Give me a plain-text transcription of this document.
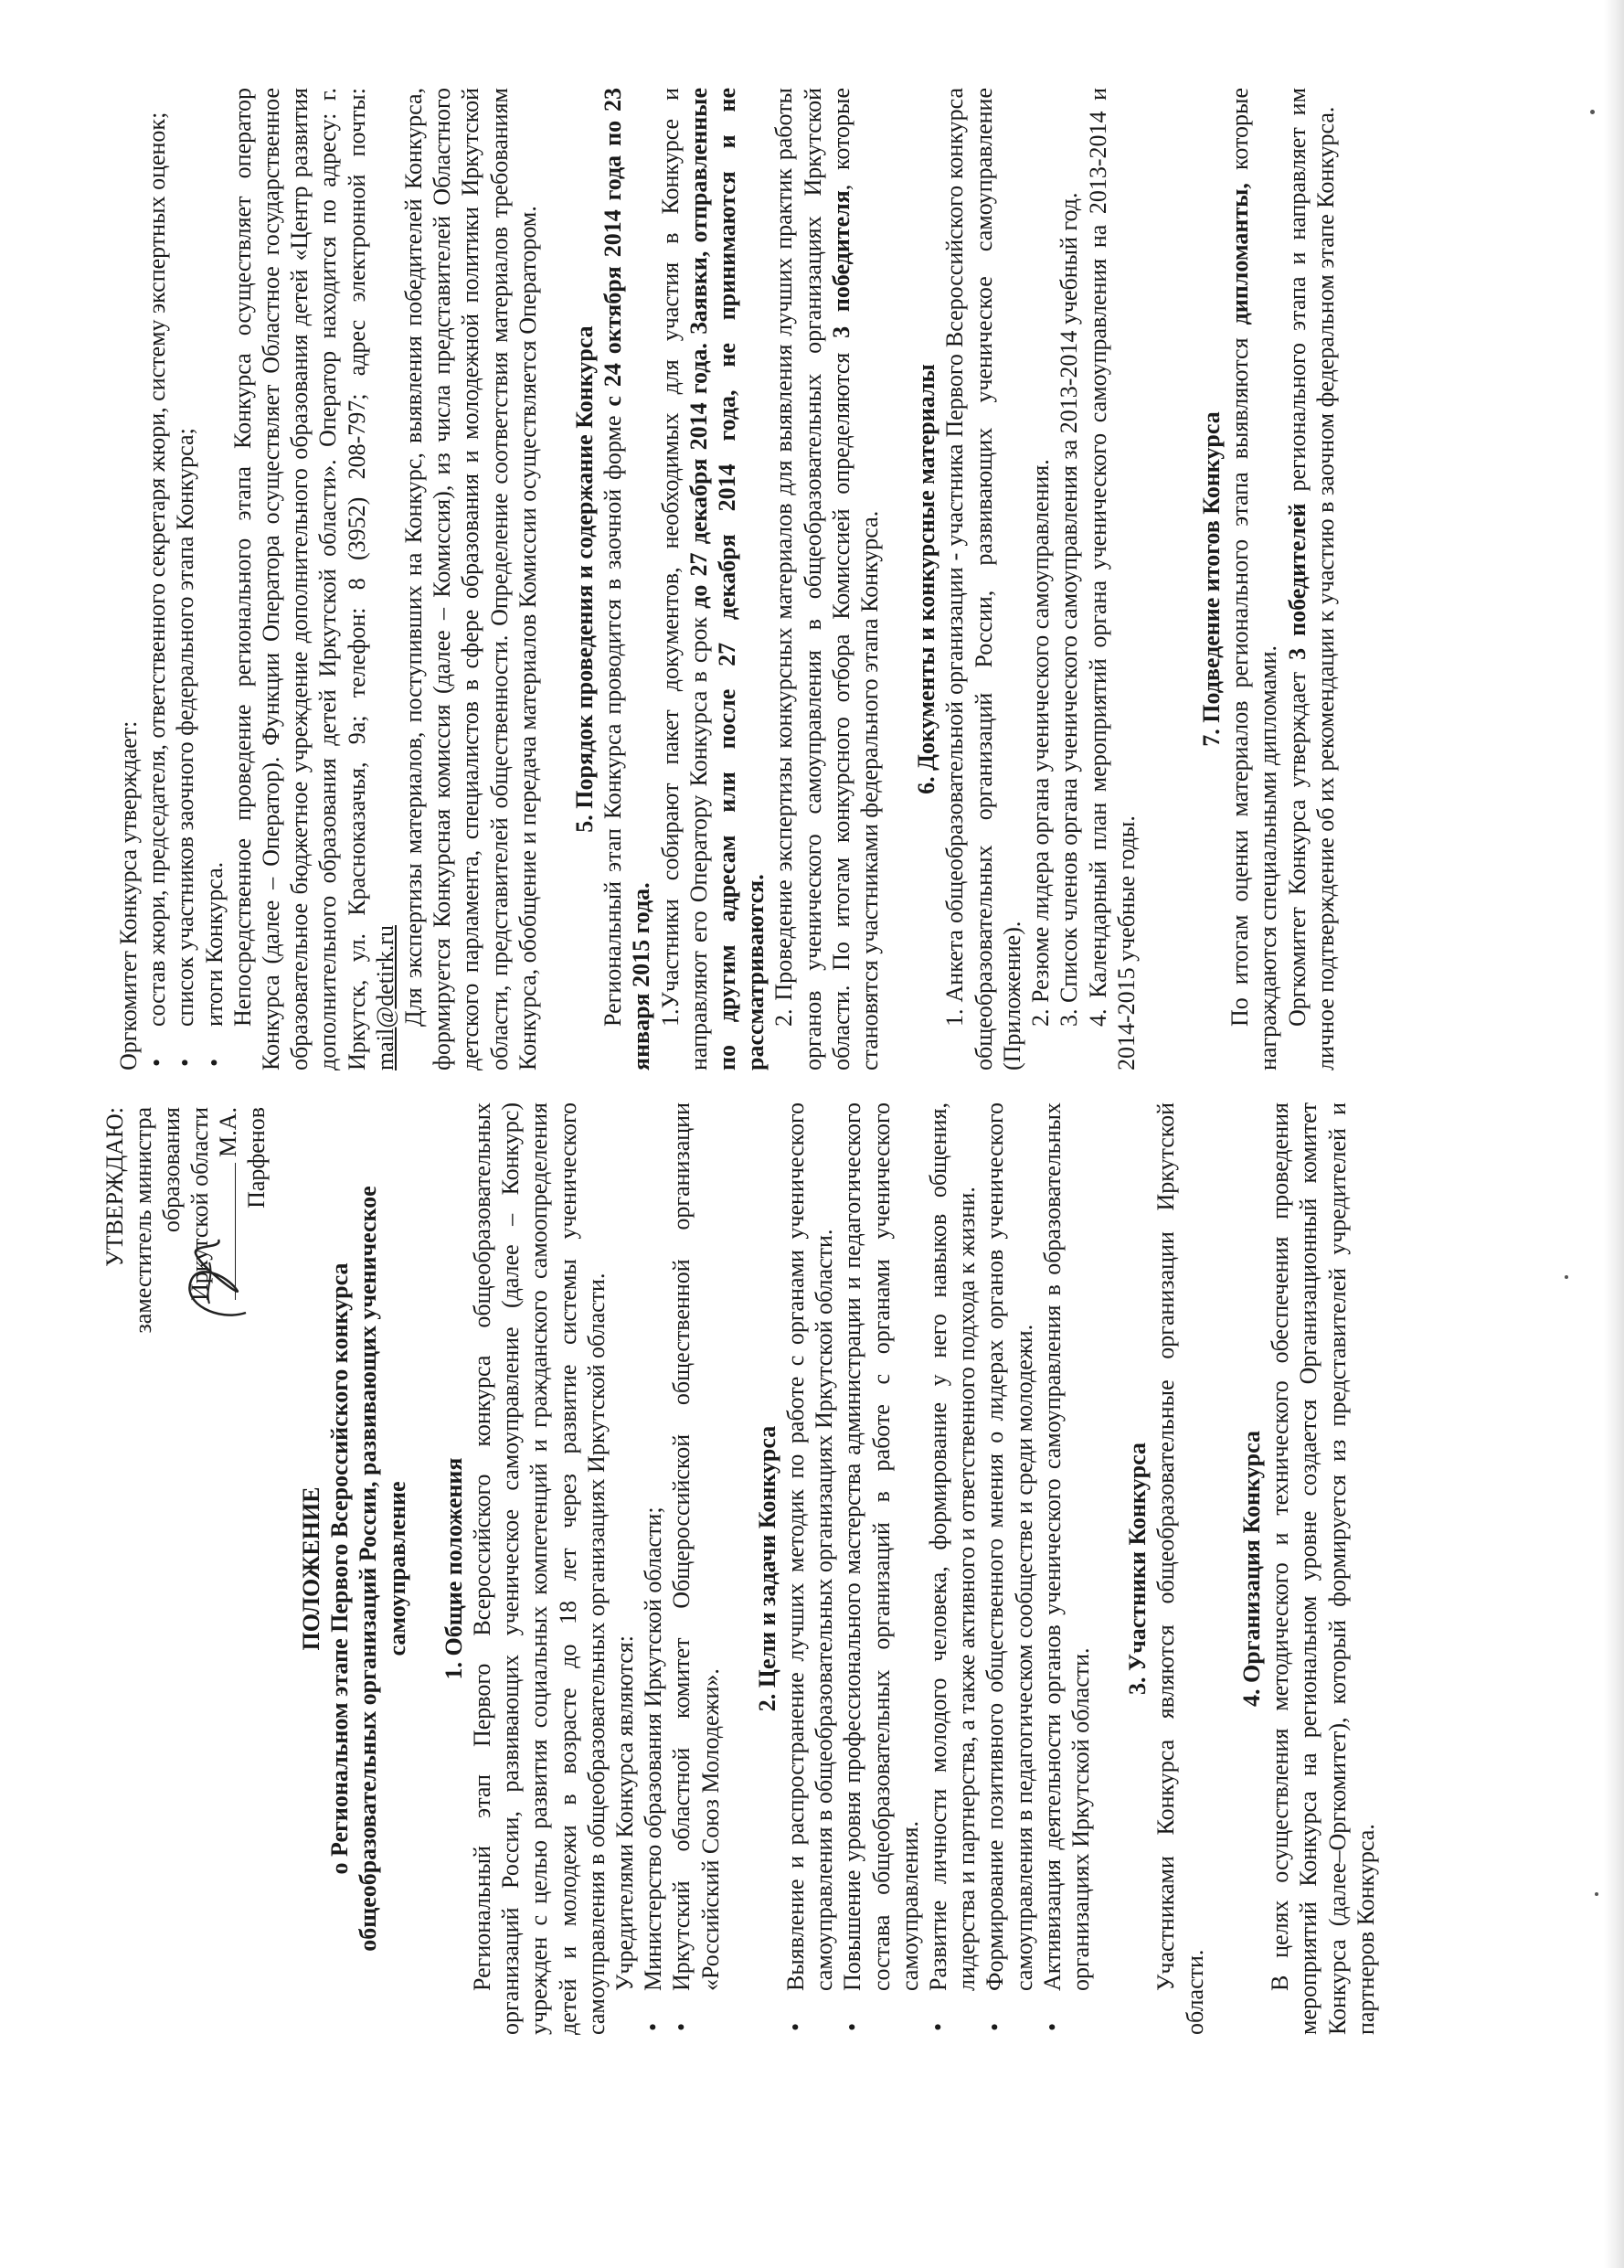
УТВЕРЖДАЮ: заместитель министра образования Иркутской области М.А. Парфенов

ПОЛОЖЕНИЕ о Региональном этапе Первого Всероссийского конкурса общеобразовательных организаций России, развивающих ученическое самоуправление 1. Общие положения Региональный этап Первого Всероссийского конкурса общеобразовательных организаций России, развивающих ученическое самоуправление (далее – Конкурс) учрежден с целью развития социальных компетенций и гражданского самоопределения детей и молодежи в возрасте до 18 лет через развитие системы ученического самоуправления в общеобразовательных организациях Иркутской области. Учредителями Конкурса являются: • Министерство образования Иркутской области; • Иркутский областной комитет Общероссийской общественной организации «Российский Союз Молодежи».

2. Цели и задачи Конкурса • Выявление и распространение лучших методик по работе с органами ученического самоуправления в общеобразовательных организациях Иркутской области. • Повышение уровня профессионального мастерства администрации и педагогического состава общеобразовательных организаций в работе с органами ученического самоуправления. • Развитие личности молодого человека, формирование у него навыков общения, лидерства и партнерства, а также активного и ответственного подхода к жизни. • Формирование позитивного общественного мнения о лидерах органов ученического самоуправления в педагогическом сообществе и среди молодежи. • Активизация деятельности органов ученического самоуправления в образовательных организациях Иркутской области.

3. Участники Конкурса Участниками Конкурса являются общеобразовательные организации Иркутской области.

4. Организация Конкурса В целях осуществления методического и технического обеспечения проведения мероприятий Конкурса на региональном уровне создается Организационный комитет Конкурса (далее–Оргкомитет), который формируется из представителей учредителей и партнеров Конкурса.

Оргкомитет Конкурса утверждает: • состав жюри, председателя, ответственного секретаря жюри, систему экспертных оценок; • список участников заочного федерального этапа Конкурса; • итоги Конкурса. Непосредственное проведение регионального этапа Конкурса осуществляет оператор Конкурса (далее – Оператор). Функции Оператора осуществляет Областное государственное образовательное бюджетное учреждение дополнительного образования детей «Центр развития дополнительного образования детей Иркутской области». Оператор находится по адресу: г. Иркутск, ул. Красноказачья, 9а; телефон: 8 (3952) 208-797; адрес электронной почты: mail@detirk.ru Для экспертизы материалов, поступивших на Конкурс, выявления победителей Конкурса, формируется Конкурсная комиссия (далее – Комиссия), из числа представителей Областного детского парламента, специалистов в сфере образования и молодежной политики Иркутской области, представителей общественности. Определение соответствия материалов требованиям Конкурса, обобщение и передача материалов Комиссии осуществляется Оператором. 5. Порядок проведения и содержание Конкурса Региональный этап Конкурса проводится в заочной форме с 24 октября 2014 года по 23 января 2015 года. 1.Участники собирают пакет документов, необходимых для участия в Конкурсе и направляют его Оператору Конкурса в срок до 27 декабря 2014 года. Заявки, отправленные по другим адресам или после 27 декабря 2014 года, не принимаются и не рассматриваются. 2. Проведение экспертизы конкурсных материалов для выявления лучших практик работы органов ученического самоуправления в общеобразовательных организациях Иркутской области. По итогам конкурсного отбора Комиссией определяются 3 победителя, которые становятся участниками федерального этапа Конкурса. 6. Документы и конкурсные материалы 1. Анкета общеобразовательной организации - участника Первого Всероссийского конкурса общеобразовательных организаций России, развивающих ученическое самоуправление (Приложение). 2. Резюме лидера органа ученического самоуправления. 3. Список членов органа ученического самоуправления за 2013-2014 учебный год. 4. Календарный план мероприятий органа ученического самоуправления на 2013-2014 и 2014-2015 учебные годы.

7. Подведение итогов Конкурса По итогам оценки материалов регионального этапа выявляются дипломанты, которые награждаются специальными дипломами. Оргкомитет Конкурса утверждает 3 победителей регионального этапа и направляет им личное подтверждение об их рекомендации к участию в заочном федеральном этапе Конкурса.
